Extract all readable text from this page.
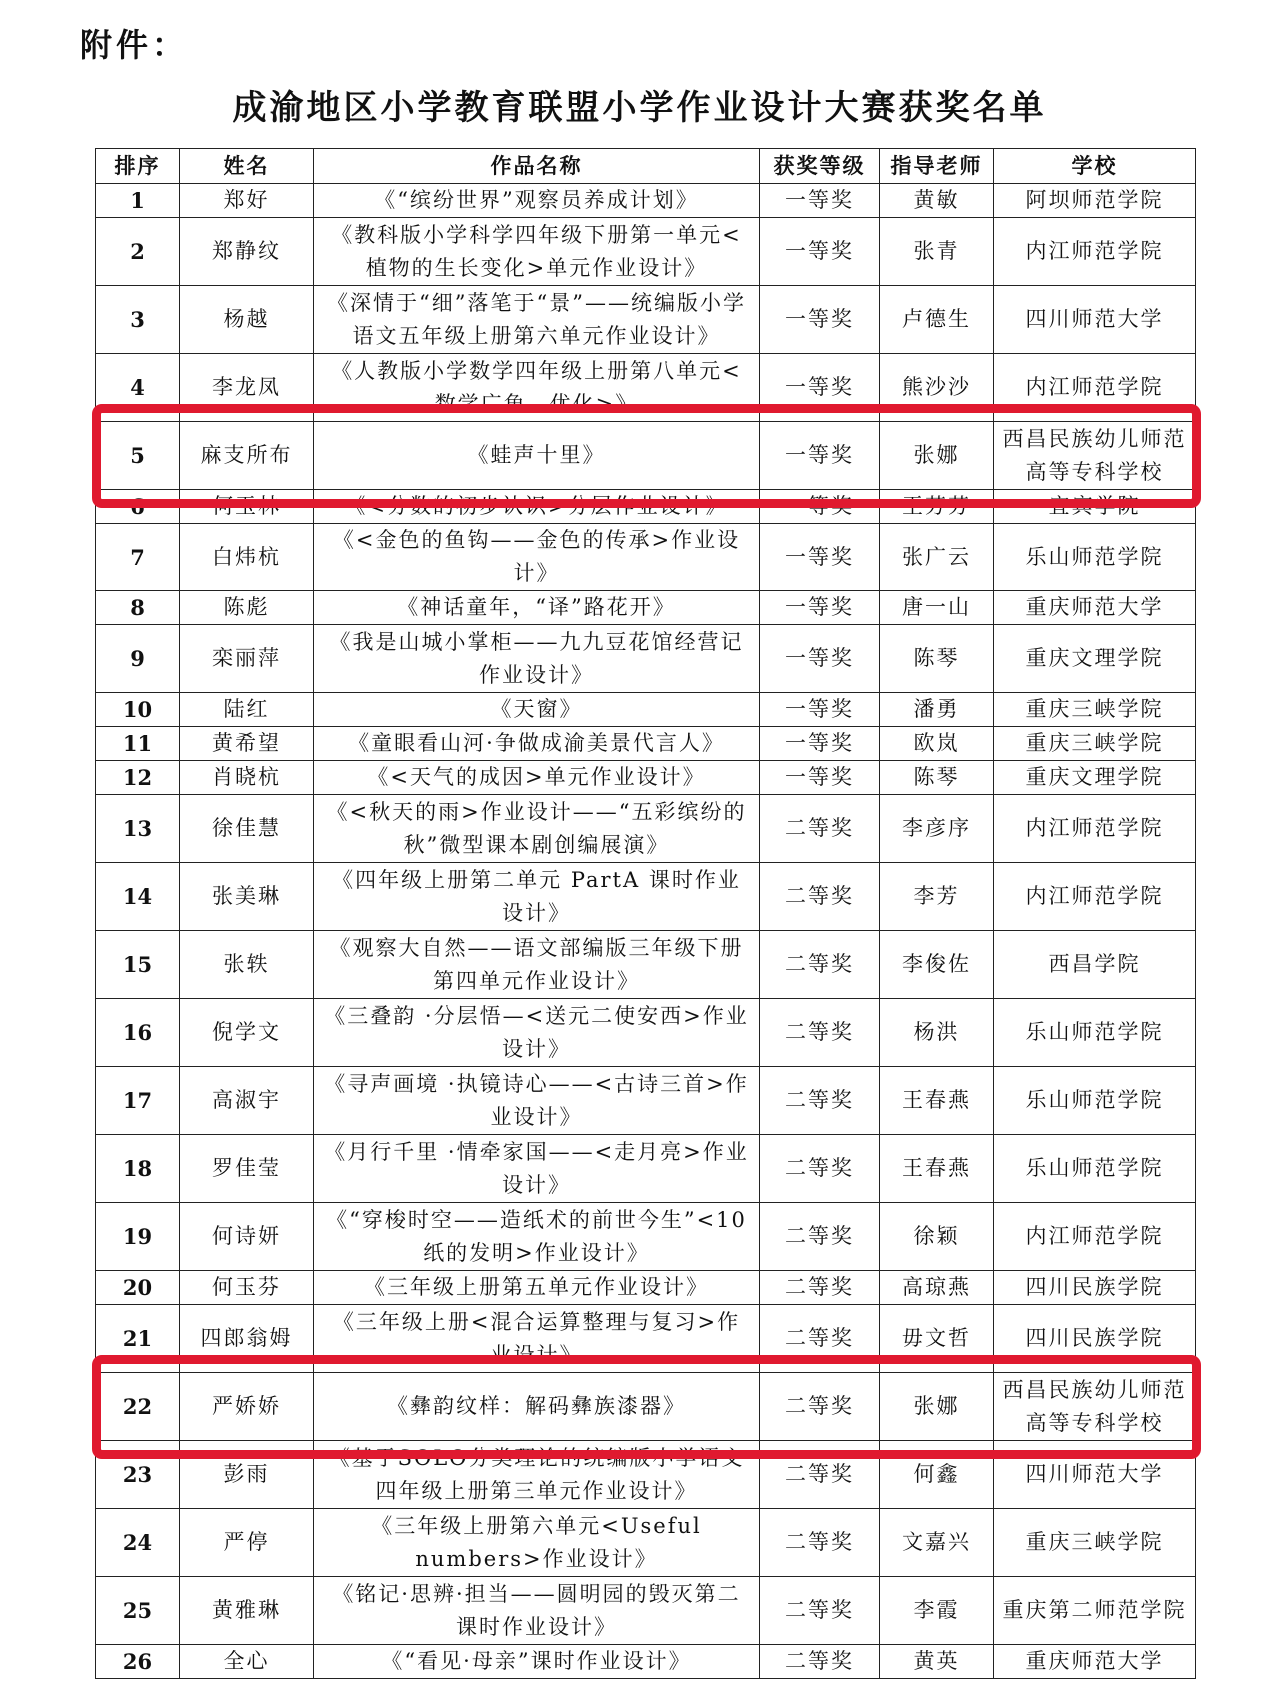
附件：
成渝地区小学教育联盟小学作业设计大赛获奖名单
排序	姓名	作品名称	获奖等级	指导老师	学校
1	郑好	《“缤纷世界”观察员养成计划》	一等奖	黄敏	阿坝师范学院
2	郑静纹	《教科版小学科学四年级下册第一单元<植物的生长变化>单元作业设计》	一等奖	张青	内江师范学院
3	杨越	《深情于“细”落笔于“景”——统编版小学语文五年级上册第六单元作业设计》	一等奖	卢德生	四川师范大学
4	李龙凤	《人教版小学数学四年级上册第八单元<数学广角—优化>》	一等奖	熊沙沙	内江师范学院
5	麻支所布	《蛙声十里》	一等奖	张娜	西昌民族幼儿师范高等专科学校
6	何玉林	《<分数的初步认识>分层作业设计》	一等奖	王芳芳	宜宾学院
7	白炜杭	《<金色的鱼钩——金色的传承>作业设计》	一等奖	张广云	乐山师范学院
8	陈彪	《神话童年，“译”路花开》	一等奖	唐一山	重庆师范大学
9	栾丽萍	《我是山城小掌柜——九九豆花馆经营记作业设计》	一等奖	陈琴	重庆文理学院
10	陆红	《天窗》	一等奖	潘勇	重庆三峡学院
11	黄希望	《童眼看山河·争做成渝美景代言人》	一等奖	欧岚	重庆三峡学院
12	肖晓杭	《<天气的成因>单元作业设计》	一等奖	陈琴	重庆文理学院
13	徐佳慧	《<秋天的雨>作业设计——“五彩缤纷的秋”微型课本剧创编展演》	二等奖	李彦序	内江师范学院
14	张美琳	《四年级上册第二单元 PartA 课时作业设计》	二等奖	李芳	内江师范学院
15	张轶	《观察大自然——语文部编版三年级下册第四单元作业设计》	二等奖	李俊佐	西昌学院
16	倪学文	《三叠韵 ·分层悟—<送元二使安西>作业设计》	二等奖	杨洪	乐山师范学院
17	高淑宇	《寻声画境 ·执镜诗心——<古诗三首>作业设计》	二等奖	王春燕	乐山师范学院
18	罗佳莹	《月行千里 ·情牵家国——<走月亮>作业设计》	二等奖	王春燕	乐山师范学院
19	何诗妍	《“穿梭时空——造纸术的前世今生”<10纸的发明>作业设计》	二等奖	徐颖	内江师范学院
20	何玉芬	《三年级上册第五单元作业设计》	二等奖	高琼燕	四川民族学院
21	四郎翁姆	《三年级上册<混合运算整理与复习>作业设计》	二等奖	毋文哲	四川民族学院
22	严娇娇	《彝韵纹样：解码彝族漆器》	二等奖	张娜	西昌民族幼儿师范高等专科学校
23	彭雨	《基于SOLO分类理论的统编版小学语文四年级上册第三单元作业设计》	二等奖	何鑫	四川师范大学
24	严停	《三年级上册第六单元<Useful numbers>作业设计》	二等奖	文嘉兴	重庆三峡学院
25	黄雅琳	《铭记·思辨·担当——圆明园的毁灭第二课时作业设计》	二等奖	李霞	重庆第二师范学院
26	全心	《“看见·母亲”课时作业设计》	二等奖	黄英	重庆师范大学
